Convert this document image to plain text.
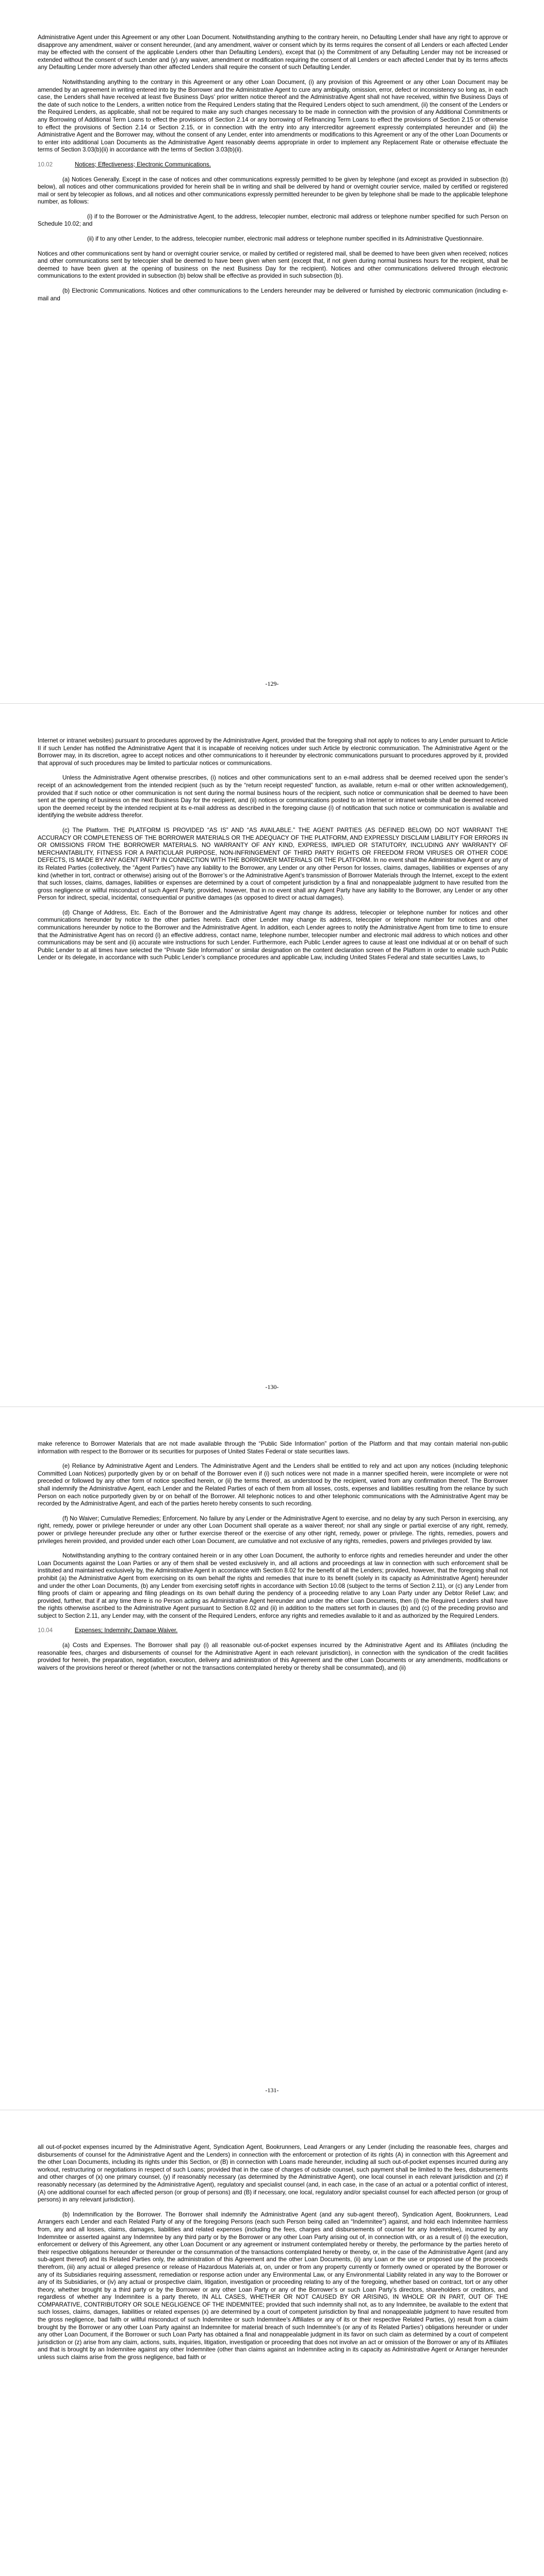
Administrative Agent under this Agreement or any other Loan Document. Notwithstanding anything to the contrary herein, no Defaulting Lender shall have any right to approve or disapprove any amendment, waiver or consent hereunder, (and any amendment, waiver or consent which by its terms requires the consent of all Lenders or each affected Lender may be effected with the consent of the applicable Lenders other than Defaulting Lenders), except that (x) the Commitment of any Defaulting Lender may not be increased or extended without the consent of such Lender and (y) any waiver, amendment or modification requiring the consent of all Lenders or each affected Lender that by its terms affects any Defaulting Lender more adversely than other affected Lenders shall require the consent of such Defaulting Lender.

Notwithstanding anything to the contrary in this Agreement or any other Loan Document, (i) any provision of this Agreement or any other Loan Document may be amended by an agreement in writing entered into by the Borrower and the Administrative Agent to cure any ambiguity, omission, error, defect or inconsistency so long as, in each case, the Lenders shall have received at least five Business Days’ prior written notice thereof and the Administrative Agent shall not have received, within five Business Days of the date of such notice to the Lenders, a written notice from the Required Lenders stating that the Required Lenders object to such amendment, (ii) the consent of the Lenders or the Required Lenders, as applicable, shall not be required to make any such changes necessary to be made in connection with the provision of any Additional Commitments or any Borrowing of Additional Term Loans to effect the provisions of Section 2.14 or any borrowing of Refinancing Term Loans to effect the provisions of Section 2.15 or otherwise to effect the provisions of Section 2.14 or Section 2.15, or in connection with the entry into any intercreditor agreement expressly contemplated hereunder and (iii) the Administrative Agent and the Borrower may, without the consent of any Lender, enter into amendments or modifications to this Agreement or any of the other Loan Documents or to enter into additional Loan Documents as the Administrative Agent reasonably deems appropriate in order to implement any Replacement Rate or otherwise effectuate the terms of Section 3.03(b)(ii) in accordance with the terms of Section 3.03(b)(ii).

10.02	Notices; Effectiveness; Electronic Communications.

(a) Notices Generally. Except in the case of notices and other communications expressly permitted to be given by telephone (and except as provided in subsection (b) below), all notices and other communications provided for herein shall be in writing and shall be delivered by hand or overnight courier service, mailed by certified or registered mail or sent by telecopier as follows, and all notices and other communications expressly permitted hereunder to be given by telephone shall be made to the applicable telephone number, as follows:

(i) if to the Borrower or the Administrative Agent, to the address, telecopier number, electronic mail address or telephone number specified for such Person on Schedule 10.02; and

(ii) if to any other Lender, to the address, telecopier number, electronic mail address or telephone number specified in its Administrative Questionnaire.

Notices and other communications sent by hand or overnight courier service, or mailed by certified or registered mail, shall be deemed to have been given when received; notices and other communications sent by telecopier shall be deemed to have been given when sent (except that, if not given during normal business hours for the recipient, shall be deemed to have been given at the opening of business on the next Business Day for the recipient). Notices and other communications delivered through electronic communications to the extent provided in subsection (b) below shall be effective as provided in such subsection (b).

(b) Electronic Communications. Notices and other communications to the Lenders hereunder may be delivered or furnished by electronic communication (including e-mail and

-129-

Internet or intranet websites) pursuant to procedures approved by the Administrative Agent, provided that the foregoing shall not apply to notices to any Lender pursuant to Article II if such Lender has notified the Administrative Agent that it is incapable of receiving notices under such Article by electronic communication. The Administrative Agent or the Borrower may, in its discretion, agree to accept notices and other communications to it hereunder by electronic communications pursuant to procedures approved by it, provided that approval of such procedures may be limited to particular notices or communications.

Unless the Administrative Agent otherwise prescribes, (i) notices and other communications sent to an e-mail address shall be deemed received upon the sender’s receipt of an acknowledgement from the intended recipient (such as by the “return receipt requested” function, as available, return e-mail or other written acknowledgement), provided that if such notice or other communication is not sent during the normal business hours of the recipient, such notice or communication shall be deemed to have been sent at the opening of business on the next Business Day for the recipient, and (ii) notices or communications posted to an Internet or intranet website shall be deemed received upon the deemed receipt by the intended recipient at its e-mail address as described in the foregoing clause (i) of notification that such notice or communication is available and identifying the website address therefor.

(c) The Platform. THE PLATFORM IS PROVIDED “AS IS” AND “AS AVAILABLE.” THE AGENT PARTIES (AS DEFINED BELOW) DO NOT WARRANT THE ACCURACY OR COMPLETENESS OF THE BORROWER MATERIALS OR THE ADEQUACY OF THE PLATFORM, AND EXPRESSLY DISCLAIM LIABILITY FOR ERRORS IN OR OMISSIONS FROM THE BORROWER MATERIALS. NO WARRANTY OF ANY KIND, EXPRESS, IMPLIED OR STATUTORY, INCLUDING ANY WARRANTY OF MERCHANTABILITY, FITNESS FOR A PARTICULAR PURPOSE, NON-INFRINGEMENT OF THIRD PARTY RIGHTS OR FREEDOM FROM VIRUSES OR OTHER CODE DEFECTS, IS MADE BY ANY AGENT PARTY IN CONNECTION WITH THE BORROWER MATERIALS OR THE PLATFORM. In no event shall the Administrative Agent or any of its Related Parties (collectively, the “Agent Parties”) have any liability to the Borrower, any Lender or any other Person for losses, claims, damages, liabilities or expenses of any kind (whether in tort, contract or otherwise) arising out of the Borrower’s or the Administrative Agent’s transmission of Borrower Materials through the Internet, except to the extent that such losses, claims, damages, liabilities or expenses are determined by a court of competent jurisdiction by a final and nonappealable judgment to have resulted from the gross negligence or willful misconduct of such Agent Party; provided, however, that in no event shall any Agent Party have any liability to the Borrower, any Lender or any other Person for indirect, special, incidental, consequential or punitive damages (as opposed to direct or actual damages).

(d) Change of Address, Etc. Each of the Borrower and the Administrative Agent may change its address, telecopier or telephone number for notices and other communications hereunder by notice to the other parties hereto. Each other Lender may change its address, telecopier or telephone number for notices and other communications hereunder by notice to the Borrower and the Administrative Agent. In addition, each Lender agrees to notify the Administrative Agent from time to time to ensure that the Administrative Agent has on record (i) an effective address, contact name, telephone number, telecopier number and electronic mail address to which notices and other communications may be sent and (ii) accurate wire instructions for such Lender. Furthermore, each Public Lender agrees to cause at least one individual at or on behalf of such Public Lender to at all times have selected the “Private Side Information” or similar designation on the content declaration screen of the Platform in order to enable such Public Lender or its delegate, in accordance with such Public Lender’s compliance procedures and applicable Law, including United States Federal and state securities Laws, to

-130-

make reference to Borrower Materials that are not made available through the “Public Side Information” portion of the Platform and that may contain material non-public information with respect to the Borrower or its securities for purposes of United States Federal or state securities laws.

(e) Reliance by Administrative Agent and Lenders. The Administrative Agent and the Lenders shall be entitled to rely and act upon any notices (including telephonic Committed Loan Notices) purportedly given by or on behalf of the Borrower even if (i) such notices were not made in a manner specified herein, were incomplete or were not preceded or followed by any other form of notice specified herein, or (ii) the terms thereof, as understood by the recipient, varied from any confirmation thereof. The Borrower shall indemnify the Administrative Agent, each Lender and the Related Parties of each of them from all losses, costs, expenses and liabilities resulting from the reliance by such Person on each notice purportedly given by or on behalf of the Borrower. All telephonic notices to and other telephonic communications with the Administrative Agent may be recorded by the Administrative Agent, and each of the parties hereto hereby consents to such recording.

(f) No Waiver; Cumulative Remedies; Enforcement. No failure by any Lender or the Administrative Agent to exercise, and no delay by any such Person in exercising, any right, remedy, power or privilege hereunder or under any other Loan Document shall operate as a waiver thereof; nor shall any single or partial exercise of any right, remedy, power or privilege hereunder preclude any other or further exercise thereof or the exercise of any other right, remedy, power or privilege. The rights, remedies, powers and privileges herein provided, and provided under each other Loan Document, are cumulative and not exclusive of any rights, remedies, powers and privileges provided by law.

Notwithstanding anything to the contrary contained herein or in any other Loan Document, the authority to enforce rights and remedies hereunder and under the other Loan Documents against the Loan Parties or any of them shall be vested exclusively in, and all actions and proceedings at law in connection with such enforcement shall be instituted and maintained exclusively by, the Administrative Agent in accordance with Section 8.02 for the benefit of all the Lenders; provided, however, that the foregoing shall not prohibit (a) the Administrative Agent from exercising on its own behalf the rights and remedies that inure to its benefit (solely in its capacity as Administrative Agent) hereunder and under the other Loan Documents, (b) any Lender from exercising setoff rights in accordance with Section 10.08 (subject to the terms of Section 2.11), or (c) any Lender from filing proofs of claim or appearing and filing pleadings on its own behalf during the pendency of a proceeding relative to any Loan Party under any Debtor Relief Law; and provided, further, that if at any time there is no Person acting as Administrative Agent hereunder and under the other Loan Documents, then (i) the Required Lenders shall have the rights otherwise ascribed to the Administrative Agent pursuant to Section 8.02 and (ii) in addition to the matters set forth in clauses (b) and (c) of the preceding proviso and subject to Section 2.11, any Lender may, with the consent of the Required Lenders, enforce any rights and remedies available to it and as authorized by the Required Lenders.

10.04	Expenses; Indemnity; Damage Waiver.

(a) Costs and Expenses. The Borrower shall pay (i) all reasonable out-of-pocket expenses incurred by the Administrative Agent and its Affiliates (including the reasonable fees, charges and disbursements of counsel for the Administrative Agent in each relevant jurisdiction), in connection with the syndication of the credit facilities provided for herein, the preparation, negotiation, execution, delivery and administration of this Agreement and the other Loan Documents or any amendments, modifications or waivers of the provisions hereof or thereof (whether or not the transactions contemplated hereby or thereby shall be consummated), and (ii)

-131-

all out-of-pocket expenses incurred by the Administrative Agent, Syndication Agent, Bookrunners, Lead Arrangers or any Lender (including the reasonable fees, charges and disbursements of counsel for the Administrative Agent and the Lenders) in connection with the enforcement or protection of its rights (A) in connection with this Agreement and the other Loan Documents, including its rights under this Section, or (B) in connection with Loans made hereunder, including all such out-of-pocket expenses incurred during any workout, restructuring or negotiations in respect of such Loans; provided that in the case of charges of outside counsel, such payment shall be limited to the fees, disbursements and other charges of (x) one primary counsel, (y) if reasonably necessary (as determined by the Administrative Agent), one local counsel in each relevant jurisdiction and (z) if reasonably necessary (as determined by the Administrative Agent), regulatory and specialist counsel (and, in each case, in the case of an actual or a potential conflict of interest, (A) one additional counsel for each affected person (or group of persons) and (B) if necessary, one local, regulatory and/or specialist counsel for each affected person (or group of persons) in any relevant jurisdiction).

(b) Indemnification by the Borrower. The Borrower shall indemnify the Administrative Agent (and any sub-agent thereof), Syndication Agent, Bookrunners, Lead Arrangers each Lender and each Related Party of any of the foregoing Persons (each such Person being called an “Indemnitee”) against, and hold each Indemnitee harmless from, any and all losses, claims, damages, liabilities and related expenses (including the fees, charges and disbursements of counsel for any Indemnitee), incurred by any Indemnitee or asserted against any Indemnitee by any third party or by the Borrower or any other Loan Party arising out of, in connection with, or as a result of (i) the execution, enforcement or delivery of this Agreement, any other Loan Document or any agreement or instrument contemplated hereby or thereby, the performance by the parties hereto of their respective obligations hereunder or thereunder or the consummation of the transactions contemplated hereby or thereby, or, in the case of the Administrative Agent (and any sub-agent thereof) and its Related Parties only, the administration of this Agreement and the other Loan Documents, (ii) any Loan or the use or proposed use of the proceeds therefrom, (iii) any actual or alleged presence or release of Hazardous Materials at, on, under or from any property currently or formerly owned or operated by the Borrower or any of its Subsidiaries requiring assessment, remediation or response action under any Environmental Law, or any Environmental Liability related in any way to the Borrower or any of its Subsidiaries, or (iv) any actual or prospective claim, litigation, investigation or proceeding relating to any of the foregoing, whether based on contract, tort or any other theory, whether brought by a third party or by the Borrower or any other Loan Party or any of the Borrower’s or such Loan Party’s directors, shareholders or creditors, and regardless of whether any Indemnitee is a party thereto, IN ALL CASES, WHETHER OR NOT CAUSED BY OR ARISING, IN WHOLE OR IN PART, OUT OF THE COMPARATIVE, CONTRIBUTORY OR SOLE NEGLIGENCE OF THE INDEMNITEE; provided that such indemnity shall not, as to any Indemnitee, be available to the extent that such losses, claims, damages, liabilities or related expenses (x) are determined by a court of competent jurisdiction by final and nonappealable judgment to have resulted from the gross negligence, bad faith or willful misconduct of such Indemnitee or such Indemnitee’s Affiliates or any of its or their respective Related Parties, (y) result from a claim brought by the Borrower or any other Loan Party against an Indemnitee for material breach of such Indemnitee’s (or any of its Related Parties’) obligations hereunder or under any other Loan Document, if the Borrower or such Loan Party has obtained a final and nonappealable judgment in its favor on such claim as determined by a court of competent jurisdiction or (z) arise from any claim, actions, suits, inquiries, litigation, investigation or proceeding that does not involve an act or omission of the Borrower or any of its Affiliates and that is brought by an Indemnitee against any other Indemnitee (other than claims against an Indemnitee acting in its capacity as Administrative Agent or Arranger hereunder unless such claims arise from the gross negligence, bad faith or
